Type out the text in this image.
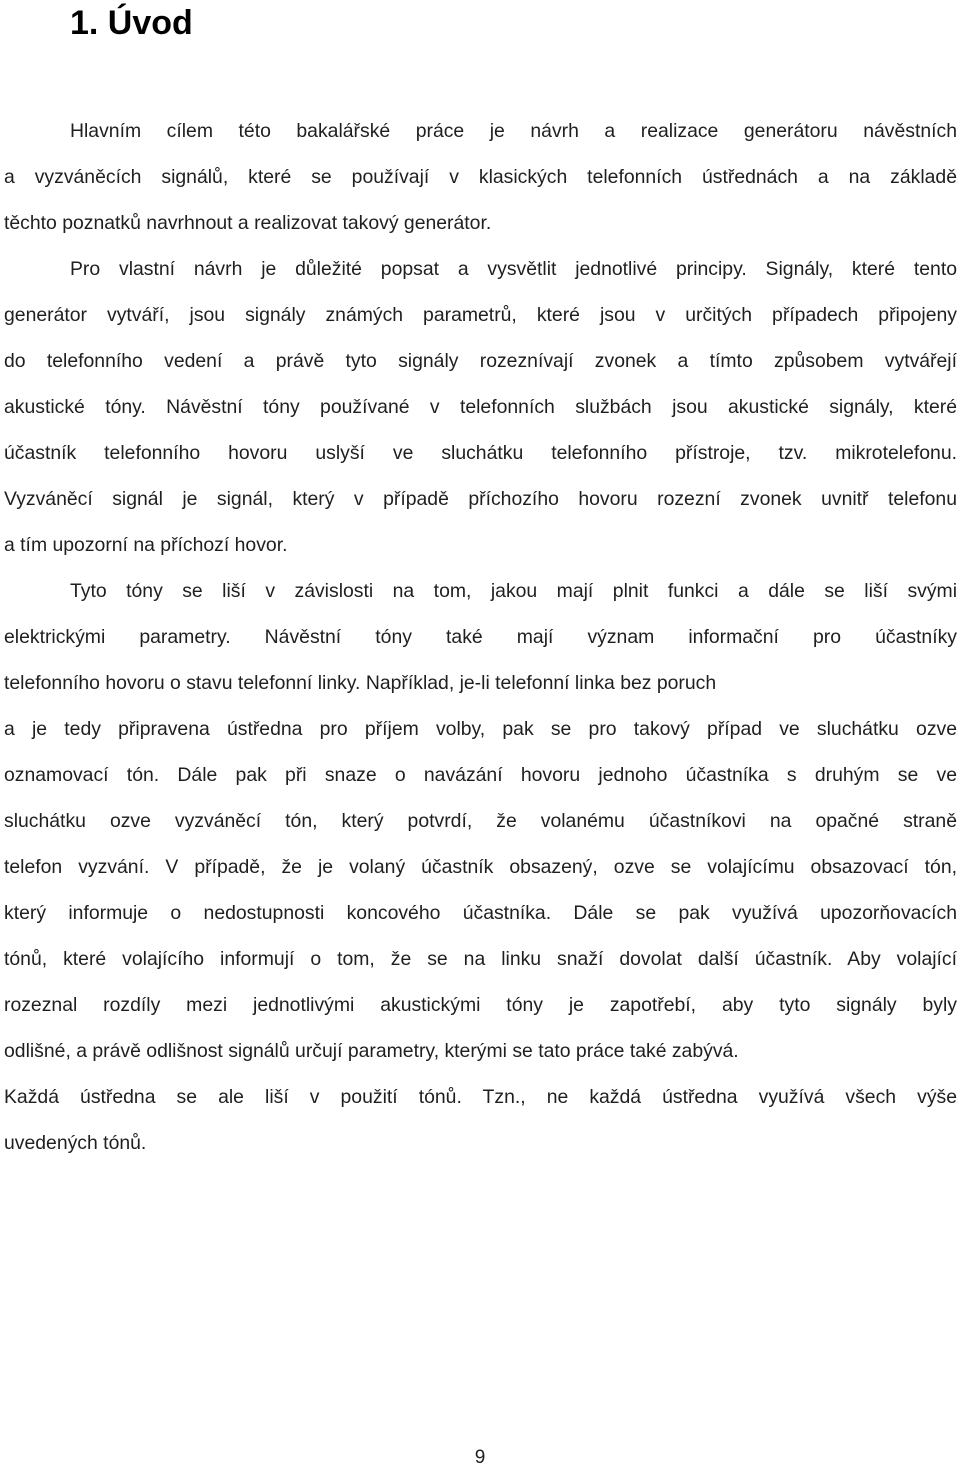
1. Úvod
Hlavním cílem této bakalářské práce je návrh a realizace generátoru návěstních
a vyzváněcích signálů, které se používají v klasických telefonních ústřednách a na základě
těchto poznatků navrhnout a realizovat takový generátor.
Pro vlastní návrh je důležité popsat a vysvětlit jednotlivé principy. Signály, které tento
generátor vytváří, jsou signály známých parametrů, které jsou v určitých případech připojeny
do telefonního vedení a právě tyto signály rozeznívají zvonek a tímto způsobem vytvářejí
akustické tóny. Návěstní tóny používané v telefonních službách jsou akustické signály, které
účastník telefonního hovoru uslyší ve sluchátku telefonního přístroje, tzv. mikrotelefonu.
Vyzváněcí signál je signál, který v případě příchozího hovoru rozezní zvonek uvnitř telefonu
a tím upozorní na příchozí hovor.
Tyto tóny se liší v závislosti na tom, jakou mají plnit funkci a dále se liší svými
elektrickými parametry. Návěstní tóny také mají význam informační pro účastníky
telefonního hovoru o stavu telefonní linky. Například, je-li telefonní linka bez poruch
a je tedy připravena ústředna pro příjem volby, pak se pro takový případ ve sluchátku ozve
oznamovací tón. Dále pak při snaze o navázání hovoru jednoho účastníka s druhým se ve
sluchátku ozve vyzváněcí tón, který potvrdí, že volanému účastníkovi na opačné straně
telefon vyzvání. V případě, že je volaný účastník obsazený, ozve se volajícímu obsazovací tón,
který informuje o nedostupnosti koncového účastníka. Dále se pak využívá upozorňovacích
tónů, které volajícího informují o tom, že se na linku snaží dovolat další účastník. Aby volající
rozeznal rozdíly mezi jednotlivými akustickými tóny je zapotřebí, aby tyto signály byly
odlišné, a právě odlišnost signálů určují parametry, kterými se tato práce také zabývá.
Každá ústředna se ale liší v použití tónů. Tzn., ne každá ústředna využívá všech výše
uvedených tónů.
9
